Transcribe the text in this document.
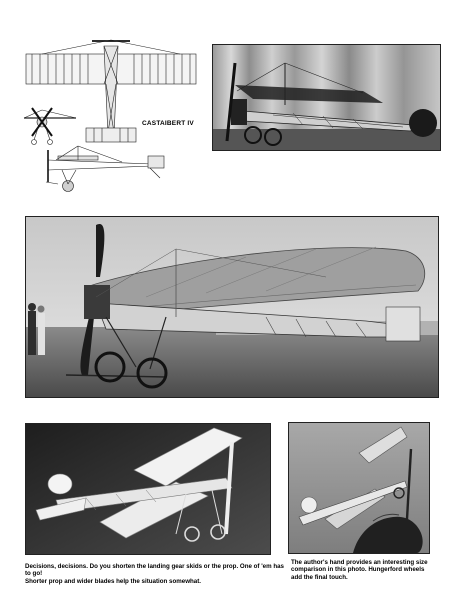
CASTAIBERT IV
Decisions, decisions. Do you shorten the landing gear skids or the prop. One of 'em has to go!
Shorter prop and wider blades help the situation somewhat.
The author's hand provides an interesting size
comparison in this photo. Hungerford wheels
add the final touch.
